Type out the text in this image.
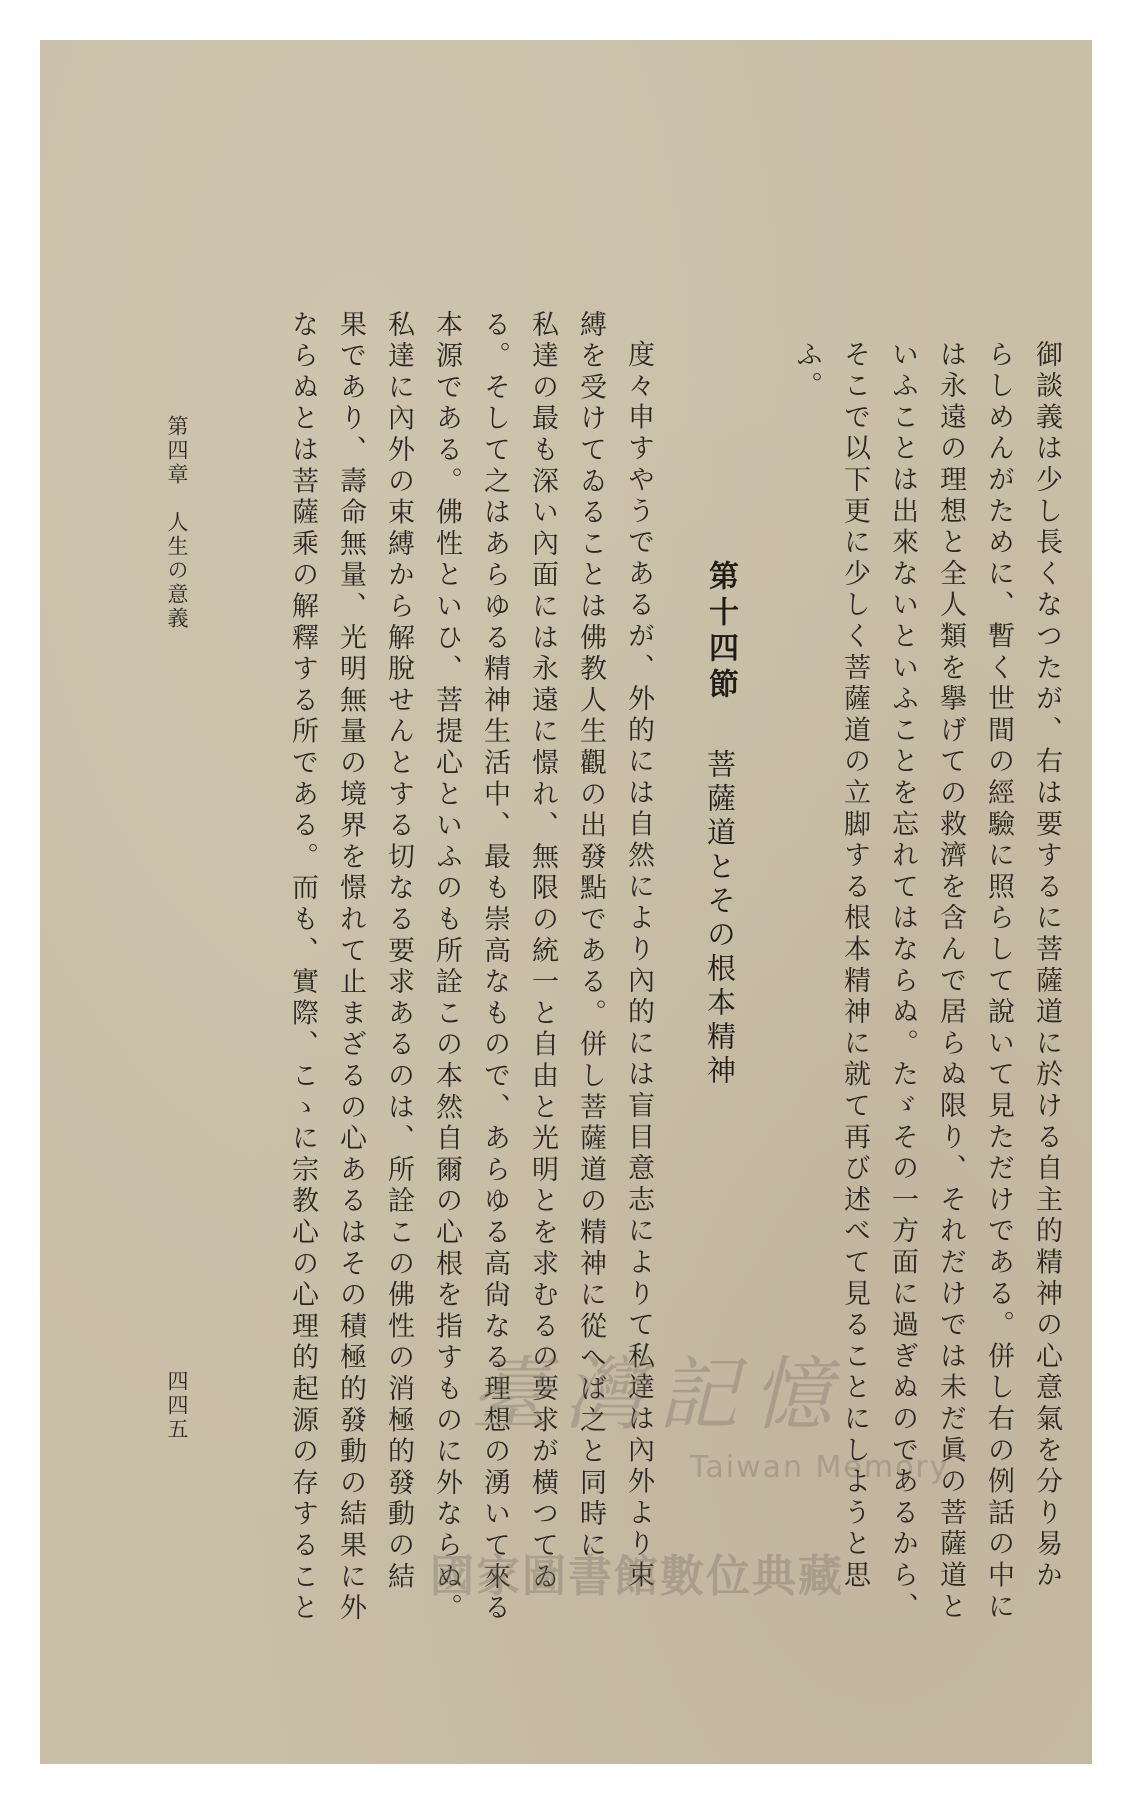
御談義は少し長くなつたが、右は要するに菩薩道に於ける自主的精神の心意氣を分り易か
らしめんがために、暫く世間の經驗に照らして說いて見ただけである。併し右の例話の中に
は永遠の理想と全人類を擧げての救濟を含んで居らぬ限り、それだけでは未だ眞の菩薩道と
いふことは出來ないといふことを忘れてはならぬ。たゞその一方面に過ぎぬのであるから、
そこで以下更に少しく菩薩道の立脚する根本精神に就て再び述べて見ることにしようと思
ふ。
第十四節 菩薩道とその根本精神
度々申すやうであるが、外的には自然により內的には盲目意志によりて私達は內外より束
縛を受けてゐることは佛教人生觀の出發點である。併し菩薩道の精神に從へば之と同時に
私達の最も深い內面には永遠に憬れ、無限の統一と自由と光明とを求むるの要求が横つてゐ
る。そして之はあらゆる精神生活中、最も崇高なもので、あらゆる高尙なる理想の湧いて來る
本源である。佛性といひ、菩提心といふのも所詮この本然自爾の心根を指すものに外ならぬ。
私達に內外の束縛から解脫せんとする切なる要求あるのは、所詮この佛性の消極的發動の結
果であり、壽命無量、光明無量の境界を憬れて止まざるの心あるはその積極的發動の結果に外
ならぬとは菩薩乘の解釋する所である。而も、實際、こゝに宗教心の心理的起源の存すること
第四章　人生の意義
四四五	臺灣記憶
Taiwan Memory
國家圖書館數位典藏
